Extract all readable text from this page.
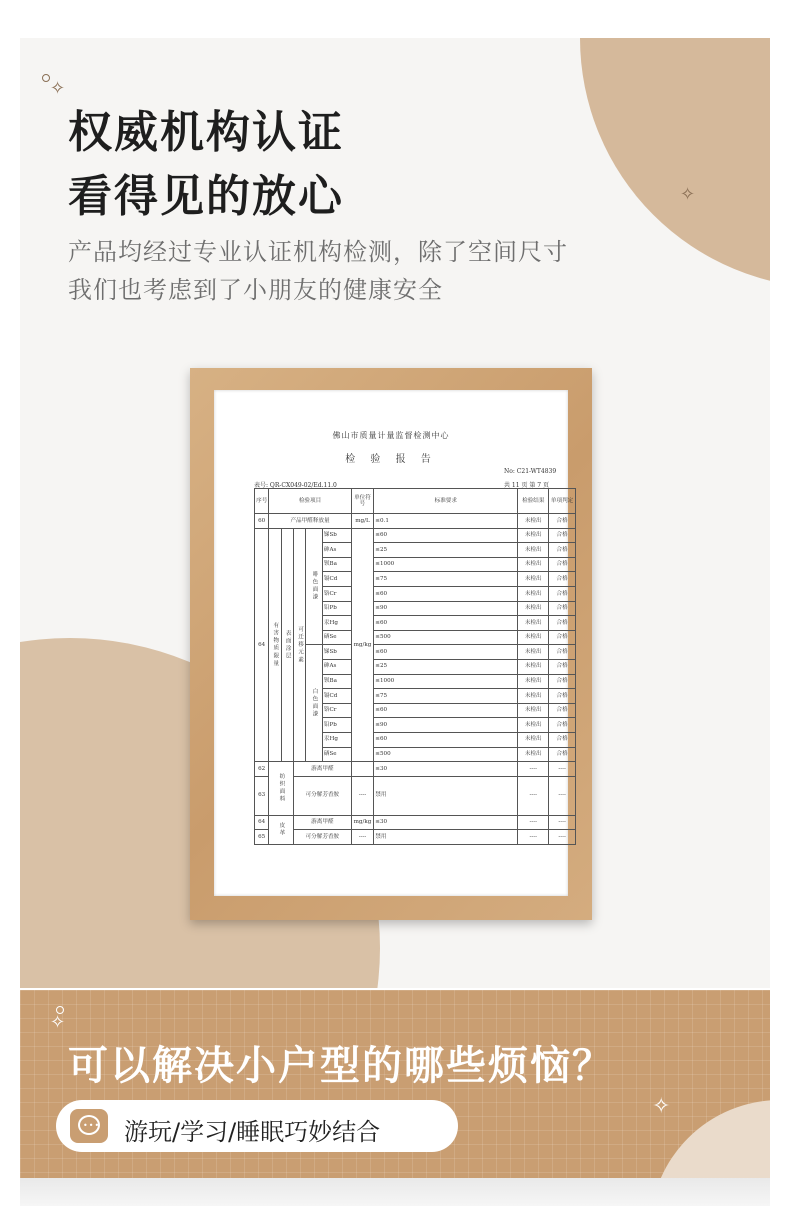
✧
✧
权威机构认证
看得见的放心
产品均经过专业认证机构检测，除了空间尺寸
我们也考虑到了小朋友的健康安全
佛山市质量计量监督检测中心
检 验 报 告
No: C21-WT4839
表号: QR-CX049-02/Ed.11.0	共 11 页 第 7 页
序号	检验项目					单位符号	标准要求	检验结果	单项判定
60	产品甲醛释放量					mg/L	≤0.1	未检出	合格
64	有害物质限量	表面涂层	可迁移元素	啡色面漆	锑Sb	mg/kg	≤60	未检出	合格
					砷As		≤25	未检出	合格
					钡Ba		≤1000	未检出	合格
					镉Cd		≤75	未检出	合格
					铬Cr		≤60	未检出	合格
					铅Pb		≤90	未检出	合格
					汞Hg		≤60	未检出	合格
					硒Se		≤500	未检出	合格
				白色面漆	锑Sb		≤60	未检出	合格
					砷As		≤25	未检出	合格
					钡Ba		≤1000	未检出	合格
					镉Cd		≤75	未检出	合格
					铬Cr		≤60	未检出	合格
					铅Pb		≤90	未检出	合格
					汞Hg		≤60	未检出	合格
					硒Se		≤500	未检出	合格
62	纺织面料		游离甲醛				≤30	----	----
63			可分解芳香胺			----	禁用	----	----
64	皮革		游离甲醛			mg/kg	≤30	----	----
65			可分解芳香胺			----	禁用	----	----
✧
✧
可以解决小户型的哪些烦恼？
••• 游玩/学习/睡眠巧妙结合
